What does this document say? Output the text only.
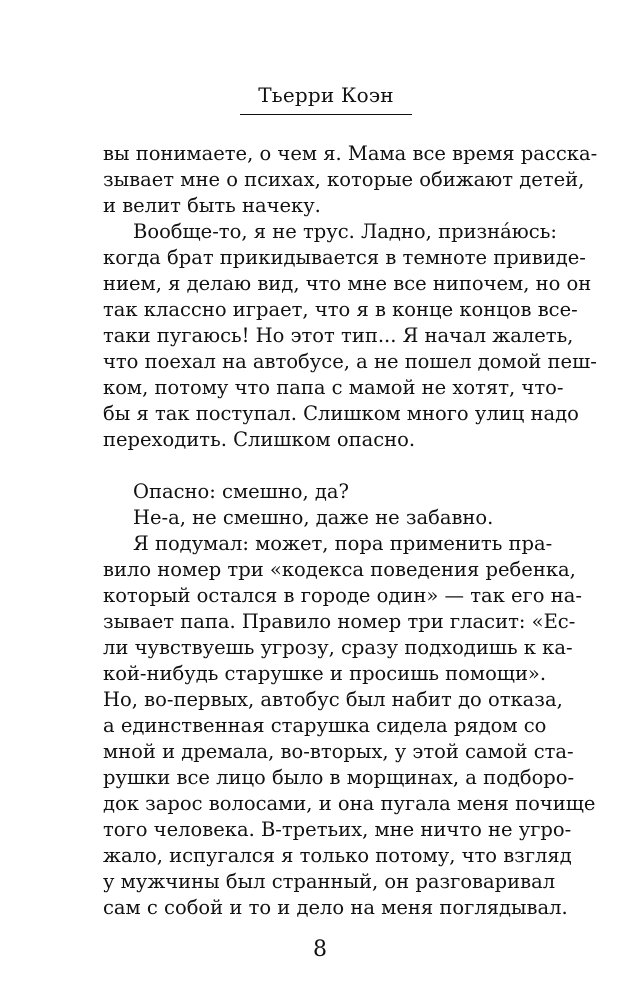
Тьерри Коэн
вы понимаете, о чем я. Мама все время расска-
зывает мне о психах, которые обижают детей,
и велит быть начеку.
Вообще-то, я не трус. Ладно, признáюсь:
когда брат прикидывается в темноте привиде-
нием, я делаю вид, что мне все нипочем, но он
так классно играет, что я в конце концов все-
таки пугаюсь! Но этот тип... Я начал жалеть,
что поехал на автобусе, а не пошел домой пеш-
ком, потому что папа с мамой не хотят, что-
бы я так поступал. Слишком много улиц надо
переходить. Слишком опасно.
Опасно: смешно, да?
Не-а, не смешно, даже не забавно.
Я подумал: может, пора применить пра-
вило номер три «кодекса поведения ребенка,
который остался в городе один» — так его на-
зывает папа. Правило номер три гласит: «Ес-
ли чувствуешь угрозу, сразу подходишь к ка-
кой-нибудь старушке и просишь помощи».
Но, во-первых, автобус был набит до отказа,
а единственная старушка сидела рядом со
мной и дремала, во-вторых, у этой самой ста-
рушки все лицо было в морщинах, а подборо-
док зарос волосами, и она пугала меня почище
того человека. В-третьих, мне ничто не угро-
жало, испугался я только потому, что взгляд
у мужчины был странный, он разговаривал
сам с собой и то и дело на меня поглядывал.
8
